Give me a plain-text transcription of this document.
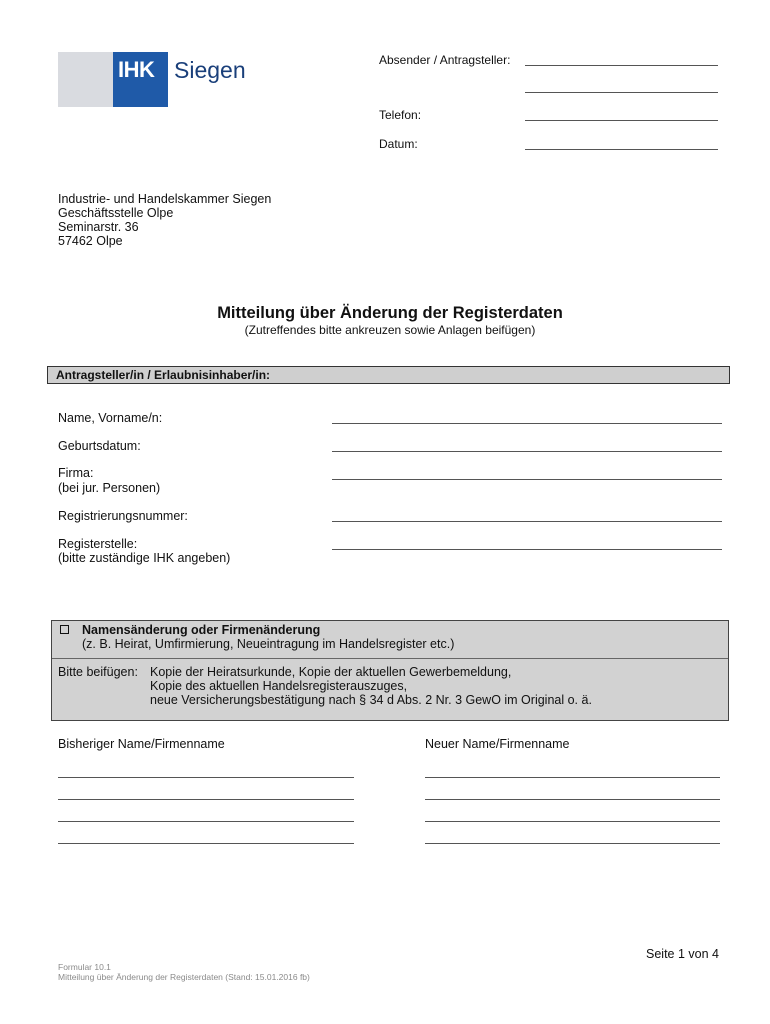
IHK Siegen	Absender / Antragsteller:
Telefon:
Datum:
Industrie- und Handelskammer Siegen
Geschäftsstelle Olpe
Seminarstr. 36
57462 Olpe
Mitteilung über Änderung der Registerdaten
(Zutreffendes bitte ankreuzen sowie Anlagen beifügen)
Antragsteller/in / Erlaubnisinhaber/in:
Name, Vorname/n:
Geburtsdatum:
Firma:
(bei jur. Personen)
Registrierungsnummer:
Registerstelle:
(bitte zuständige IHK angeben)
Namensänderung oder Firmenänderung
(z. B. Heirat, Umfirmierung, Neueintragung im Handelsregister etc.)
Bitte beifügen: Kopie der Heiratsurkunde, Kopie der aktuellen Gewerbemeldung,
Kopie des aktuellen Handelsregisterauszuges,
neue Versicherungsbestätigung nach § 34 d Abs. 2 Nr. 3 GewO im Original o. ä.
Bisheriger Name/Firmenname	Neuer Name/Firmenname
Seite 1 von 4
Formular 10.1
Mitteilung über Änderung der Registerdaten (Stand: 15.01.2016 fb)
